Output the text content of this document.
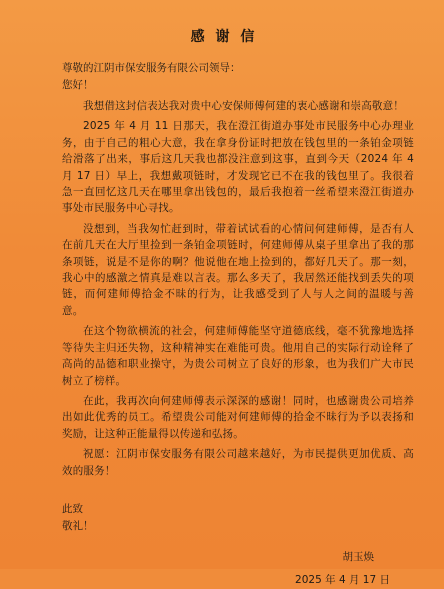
感 谢 信

尊敬的江阴市保安服务有限公司领导：

您好！

我想借这封信表达我对贵中心安保师傅何建的衷心感谢和崇高敬意！

2025 年 4 月 11 日那天，我在澄江街道办事处市民服务中心办理业务，由于自己的粗心大意，我在拿身份证时把放在钱包里的一条铂金项链给滑落了出来，事后这几天我也都没注意到这事，直到今天（2024 年 4 月 17 日）早上，我想戴项链时，才发现它已不在我的钱包里了。我很着急一直回忆这几天在哪里拿出钱包的，最后我抱着一丝希望来澄江街道办事处市民服务中心寻找。

没想到，当我匆忙赶到时，带着试试看的心情问何建师傅，是否有人在前几天在大厅里捡到一条铂金项链时，何建师傅从桌子里拿出了我的那条项链，说是不是你的啊？他说他在地上捡到的，都好几天了。那一刻，我心中的感激之情真是难以言表。那么多天了，我居然还能找到丢失的项链，而何建师傅拾金不昧的行为，让我感受到了人与人之间的温暖与善意。

在这个物欲横流的社会，何建师傅能坚守道德底线，毫不犹豫地选择等待失主归还失物，这种精神实在难能可贵。他用自己的实际行动诠释了高尚的品德和职业操守，为贵公司树立了良好的形象，也为我们广大市民树立了榜样。

在此，我再次向何建师傅表示深深的感谢！同时，也感谢贵公司培养出如此优秀的员工。希望贵公司能对何建师傅的拾金不昧行为予以表扬和奖励，让这种正能量得以传递和弘扬。

祝愿：江阴市保安服务有限公司越来越好，为市民提供更加优质、高效的服务！

此致

敬礼！

胡玉焕

2025 年 4 月 17 日
